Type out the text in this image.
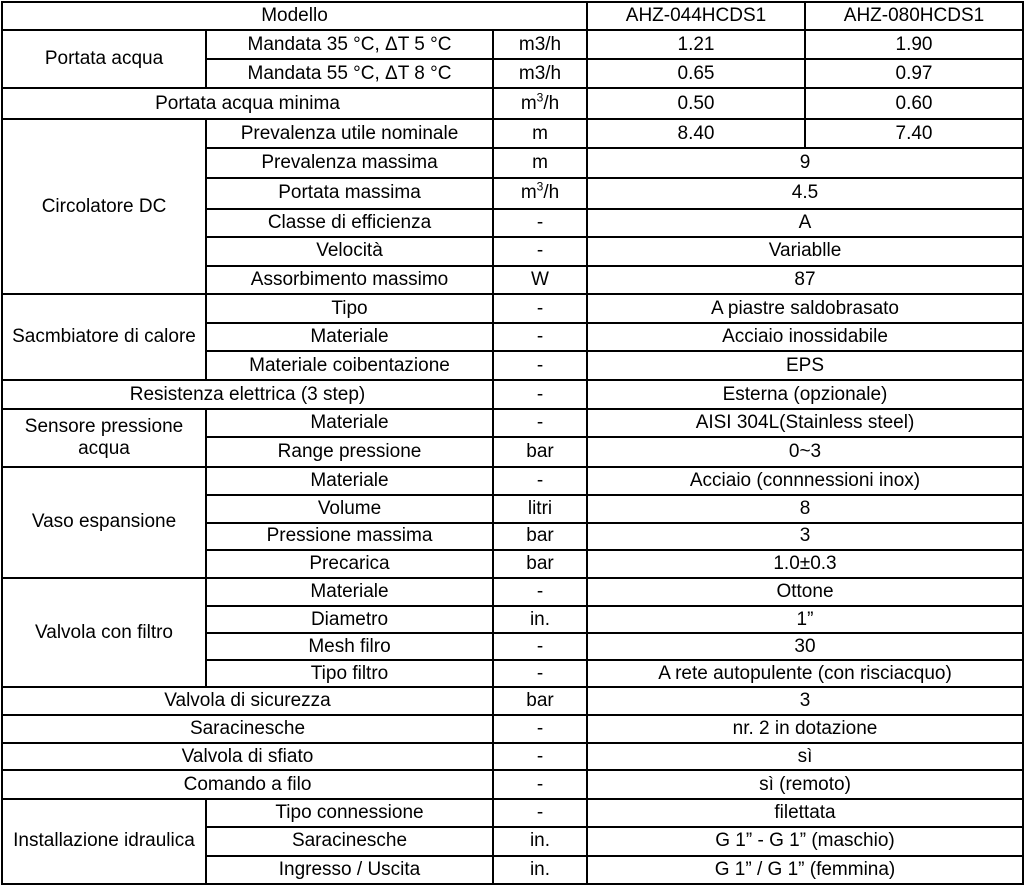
Modello			AHZ-044HCDS1	AHZ-080HCDS1
Portata acqua	Mandata 35 °C, ΔT 5 °C	m3/h	1.21	1.90
	Mandata 55 °C, ΔT 8 °C	m3/h	0.65	0.97
Portata acqua minima		$m^3/h$	0.50	0.60
Circolatore DC	Prevalenza utile nominale	m	8.40	7.40
	Prevalenza massima	m	9	
	Portata massima	$m^3/h$	4.5	
	Classe di efficienza	-	A	
	Velocità	-	Variablle	
	Assorbimento massimo	W	87	
Sacmbiatore di calore	Tipo	-	A piastre saldobrasato	
	Materiale	-	Acciaio inossidabile	
	Materiale coibentazione	-	EPS	
Resistenza elettrica (3 step)		-	Esterna (opzionale)	
Sensore pressione acqua	Materiale	-	AISI 304L(Stainless steel)	
	Range pressione	bar	0~3	
Vaso espansione	Materiale	-	Acciaio (connnessioni inox)	
	Volume	litri	8	
	Pressione massima	bar	3	
	Precarica	bar	1.0±0.3	
Valvola con filtro	Materiale	-	Ottone	
	Diametro	in.	1”	
	Mesh filro	-	30	
	Tipo filtro	-	A rete autopulente (con risciacquo)	
Valvola di sicurezza		bar	3	
Saracinesche		-	nr. 2 in dotazione	
Valvola di sfiato		-	sì	
Comando a filo		-	sì (remoto)	
Installazione idraulica	Tipo connessione	-	filettata	
	Saracinesche	in.	G 1” - G 1” (maschio)	
	Ingresso / Uscita	in.	G 1” / G 1” (femmina)	
